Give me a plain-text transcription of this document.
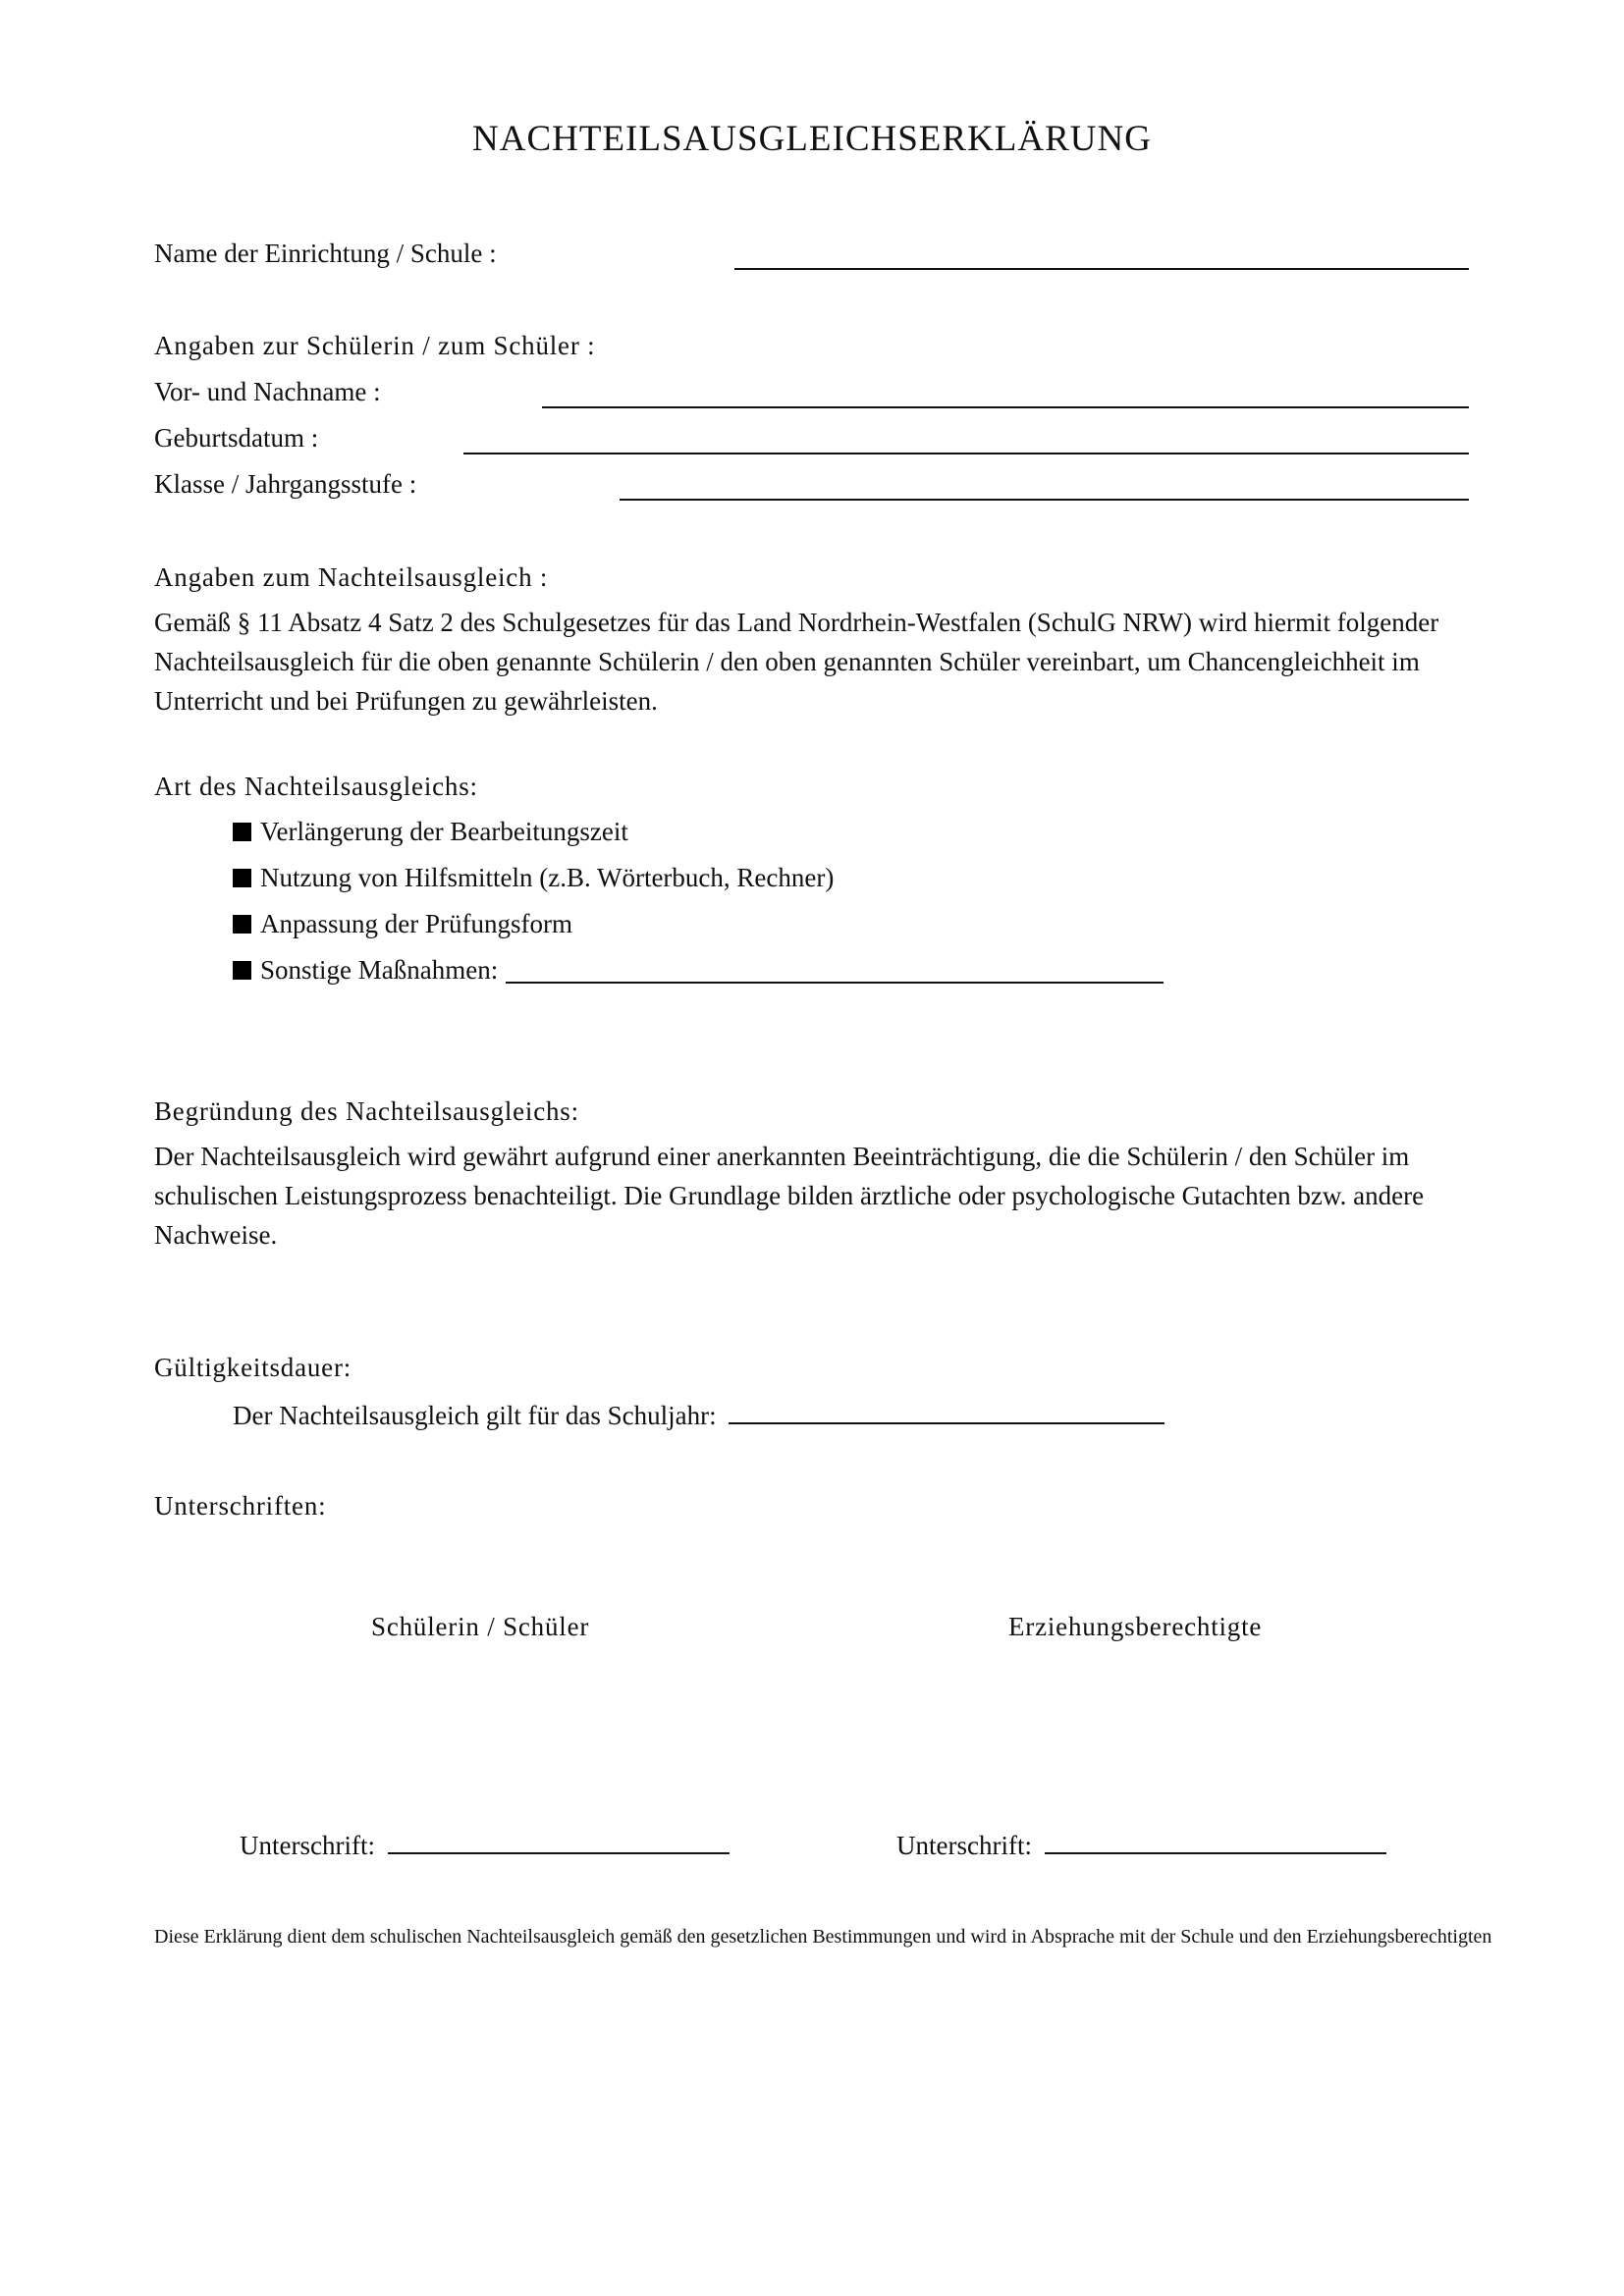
NACHTEILSAUSGLEICHSERKLÄRUNG
Name der Einrichtung / Schule :
Angaben zur Schülerin / zum Schüler :
Vor- und Nachname :
Geburtsdatum :
Klasse / Jahrgangsstufe :
Angaben zum Nachteilsausgleich :
Gemäß § 11 Absatz 4 Satz 2 des Schulgesetzes für das Land Nordrhein-Westfalen (SchulG NRW) wird hiermit folgender Nachteilsausgleich für die oben genannte Schülerin / den oben genannten Schüler vereinbart, um Chancengleichheit im Unterricht und bei Prüfungen zu gewährleisten.
Art des Nachteilsausgleichs:
Verlängerung der Bearbeitungszeit
Nutzung von Hilfsmitteln (z.B. Wörterbuch, Rechner)
Anpassung der Prüfungsform
Sonstige Maßnahmen:
Begründung des Nachteilsausgleichs:
Der Nachteilsausgleich wird gewährt aufgrund einer anerkannten Beeinträchtigung, die die Schülerin / den Schüler im schulischen Leistungsprozess benachteiligt. Die Grundlage bilden ärztliche oder psychologische Gutachten bzw. andere Nachweise.
Gültigkeitsdauer:
Der Nachteilsausgleich gilt für das Schuljahr:
Unterschriften:
Schülerin / Schüler	Erziehungsberechtigte
Unterschrift:	Unterschrift:
Diese Erklärung dient dem schulischen Nachteilsausgleich gemäß den gesetzlichen Bestimmungen und wird in Absprache mit der Schule und den Erziehungsberechtigten
